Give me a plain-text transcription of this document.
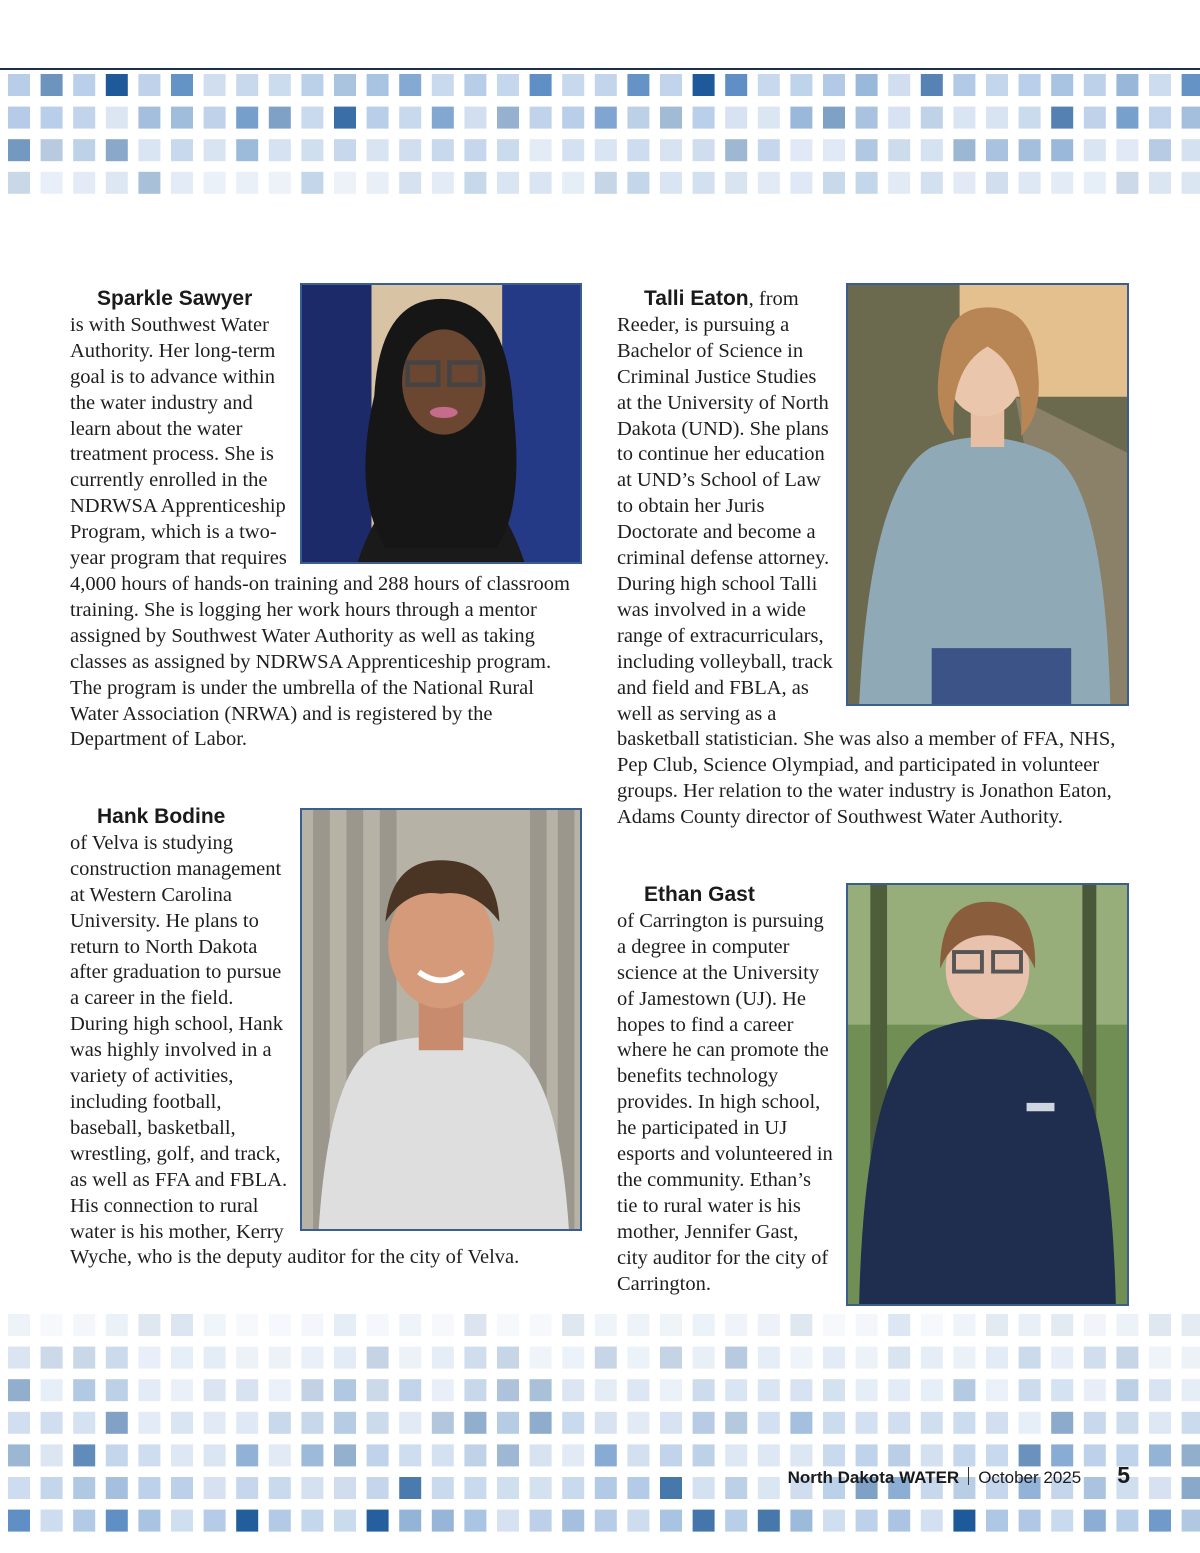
Sparkle Sawyer

is with Southwest Water Authority. Her long-term goal is to advance within the water industry and learn about the water treatment process. She is currently enrolled in the NDRWSA Apprenticeship Program, which is a two-year program that requires 4,000 hours of hands-on training and 288 hours of classroom training. She is logging her work hours through a mentor assigned by Southwest Water Authority as well as taking classes as assigned by NDRWSA Apprenticeship program. The program is under the umbrella of the National Rural Water Association (NRWA) and is registered by the Department of Labor.

Hank Bodine

of Velva is studying construction management at Western Carolina University. He plans to return to North Dakota after graduation to pursue a career in the field. During high school, Hank was highly involved in a variety of activities, including football, baseball, basketball, wrestling, golf, and track, as well as FFA and FBLA. His connection to rural water is his mother, Kerry Wyche, who is the deputy auditor for the city of Velva.

Talli Eaton, from

Reeder, is pursuing a Bachelor of Science in Criminal Justice Studies at the University of North Dakota (UND). She plans to continue her education at UND’s School of Law to obtain her Juris Doctorate and become a criminal defense attorney. During high school Talli was involved in a wide range of extracurriculars, including volleyball, track and field and FBLA, as well as serving as a basketball statistician. She was also a member of FFA, NHS, Pep Club, Science Olympiad, and participated in volunteer groups. Her relation to the water industry is Jonathon Eaton, Adams County director of Southwest Water Authority.

Ethan Gast

of Carrington is pursuing a degree in computer science at the University of Jamestown (UJ). He hopes to find a career where he can promote the benefits technology provides. In high school, he participated in UJ esports and volunteered in the community. Ethan’s tie to rural water is his mother, Jennifer Gast, city auditor for the city of Carrington.

North Dakota WATER October 2025 5
